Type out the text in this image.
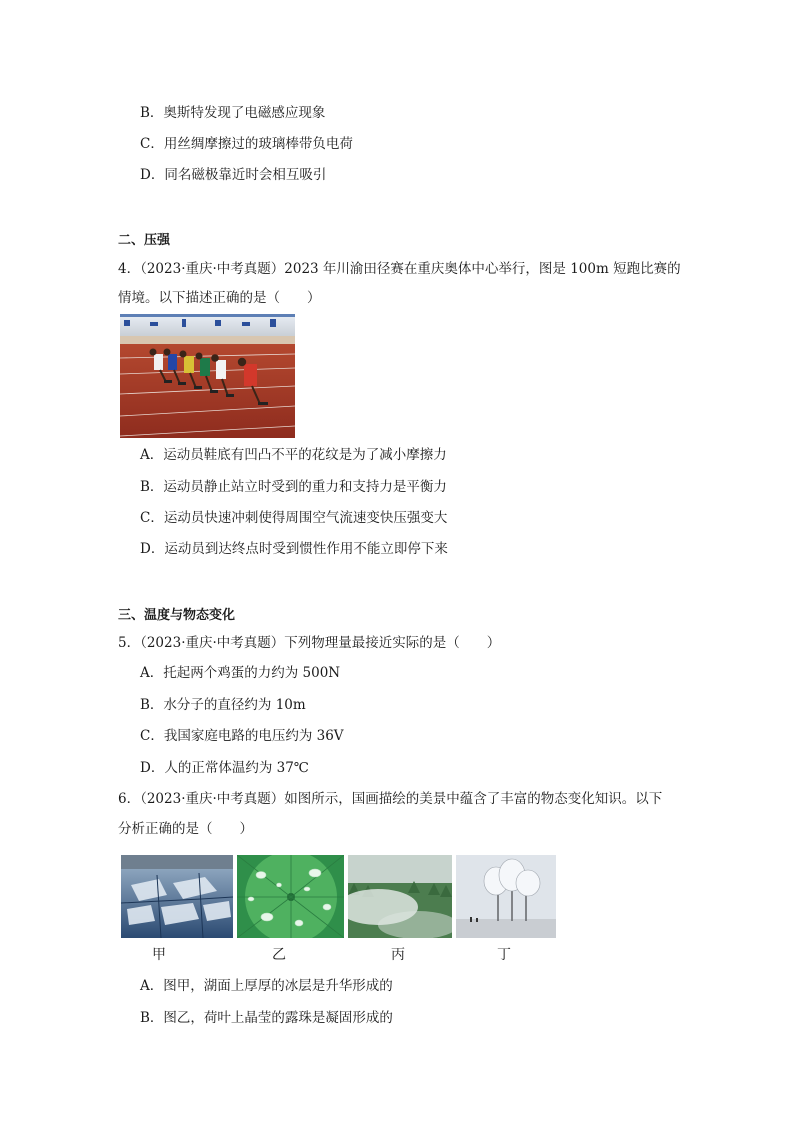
B．奥斯特发现了电磁感应现象
C．用丝绸摩擦过的玻璃棒带负电荷
D．同名磁极靠近时会相互吸引
二、压强
4．（2023·重庆·中考真题）2023 年川渝田径赛在重庆奥体中心举行，图是 100m 短跑比赛的
情境。以下描述正确的是（　　）
A．运动员鞋底有凹凸不平的花纹是为了减小摩擦力
B．运动员静止站立时受到的重力和支持力是平衡力
C．运动员快速冲刺使得周围空气流速变快压强变大
D．运动员到达终点时受到惯性作用不能立即停下来
三、温度与物态变化
5．（2023·重庆·中考真题）下列物理量最接近实际的是（　　）
A．托起两个鸡蛋的力约为 500N
B．水分子的直径约为 10m
C．我国家庭电路的电压约为 36V
D．人的正常体温约为 37℃
6．（2023·重庆·中考真题）如图所示，国画描绘的美景中蕴含了丰富的物态变化知识。以下
分析正确的是（　　）
甲	乙	丙	丁
A．图甲，湖面上厚厚的冰层是升华形成的
B．图乙，荷叶上晶莹的露珠是凝固形成的
